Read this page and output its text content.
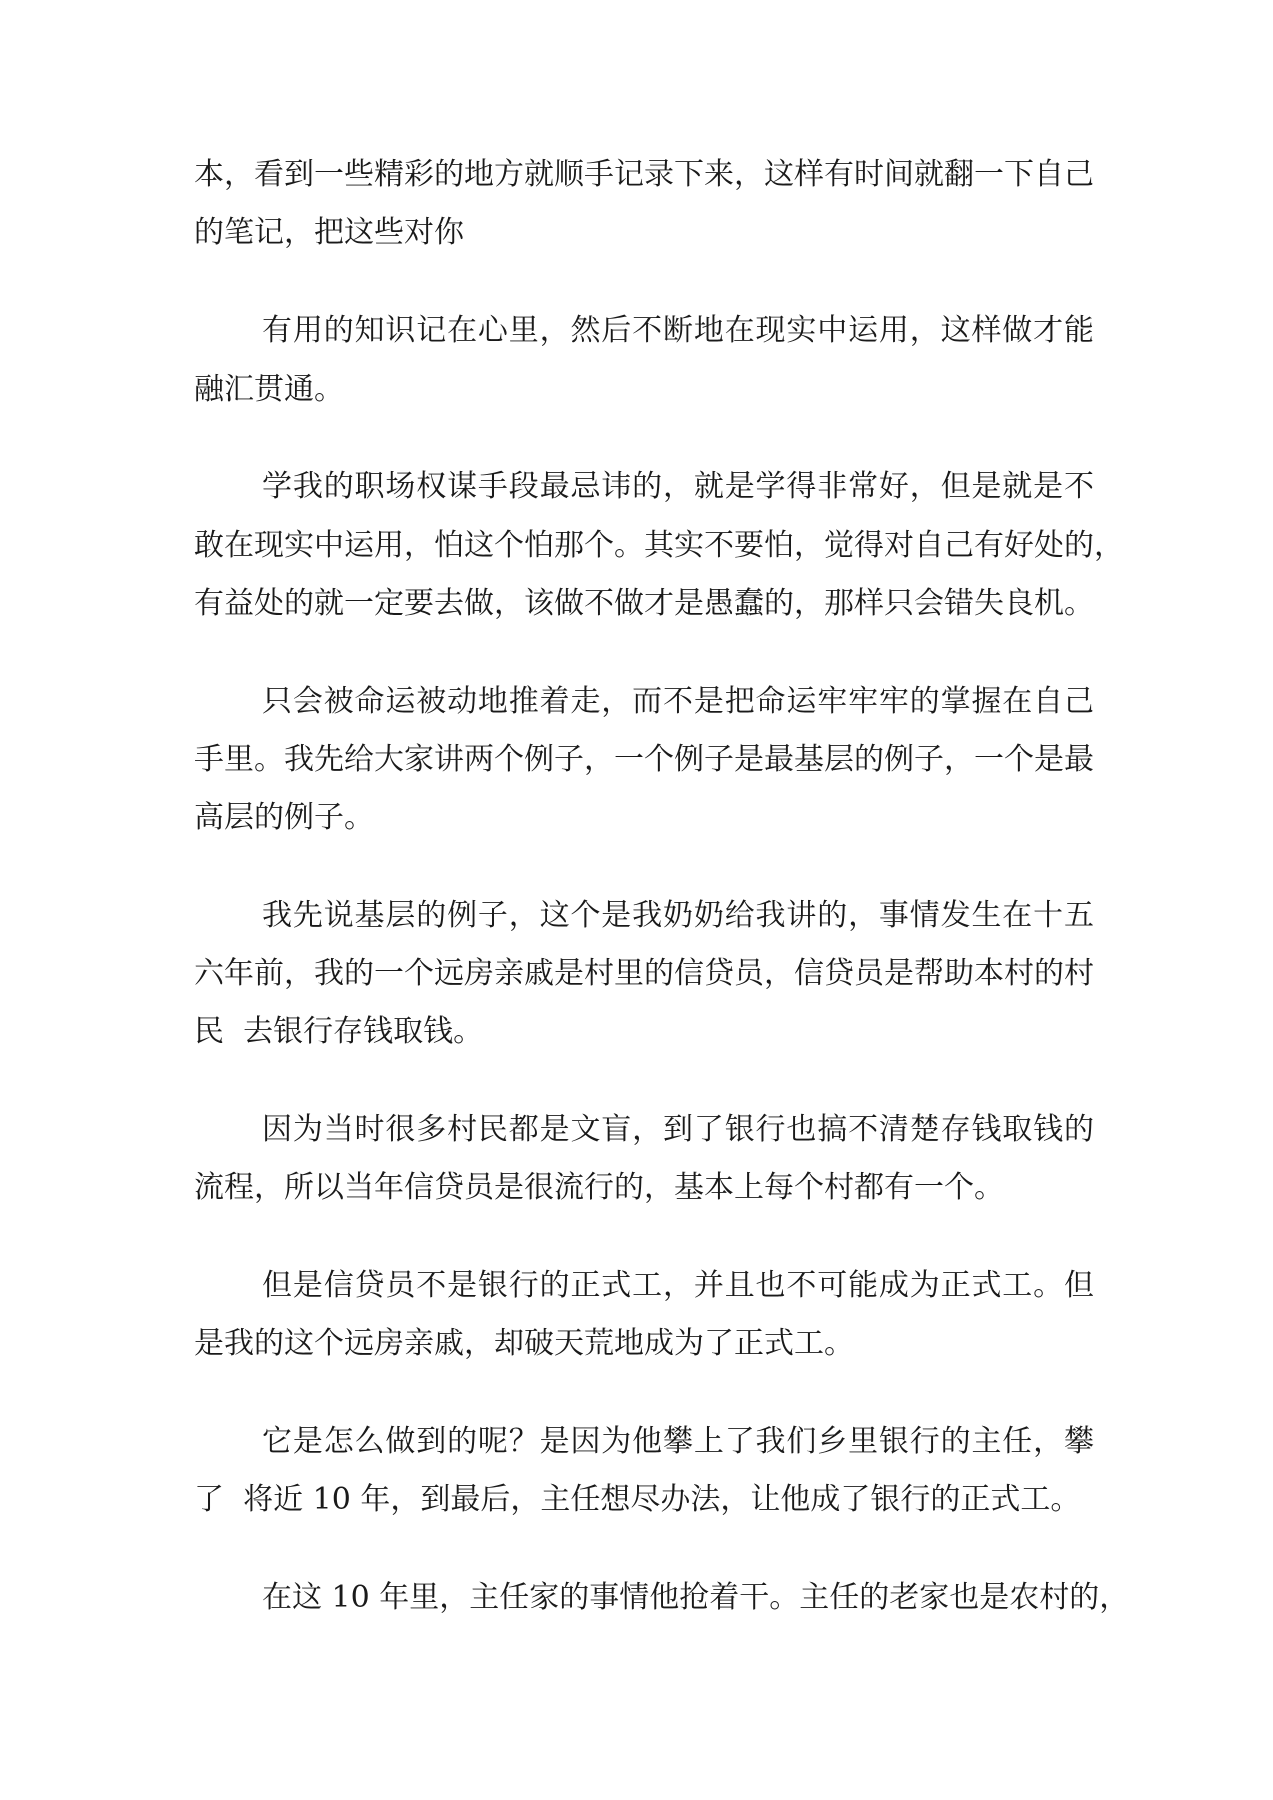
本，看到一些精彩的地方就顺手记录下来，这样有时间就翻一下自己
的笔记，把这些对你
有用的知识记在心里，然后不断地在现实中运用，这样做才能
融汇贯通。
学我的职场权谋手段最忌讳的，就是学得非常好，但是就是不
敢在现实中运用，怕这个怕那个。其实不要怕，觉得对自己有好处的，
有益处的就一定要去做，该做不做才是愚蠢的，那样只会错失良机。
只会被命运被动地推着走，而不是把命运牢牢牢的掌握在自己
手里。我先给大家讲两个例子，一个例子是最基层的例子，一个是最
高层的例子。
我先说基层的例子，这个是我奶奶给我讲的，事情发生在十五
六年前，我的一个远房亲戚是村里的信贷员，信贷员是帮助本村的村
民  去银行存钱取钱。
因为当时很多村民都是文盲，到了银行也搞不清楚存钱取钱的
流程，所以当年信贷员是很流行的，基本上每个村都有一个。
但是信贷员不是银行的正式工，并且也不可能成为正式工。但
是我的这个远房亲戚，却破天荒地成为了正式工。
它是怎么做到的呢？是因为他攀上了我们乡里银行的主任，攀
了  将近 10 年，到最后，主任想尽办法，让他成了银行的正式工。
在这 10 年里，主任家的事情他抢着干。主任的老家也是农村的，
